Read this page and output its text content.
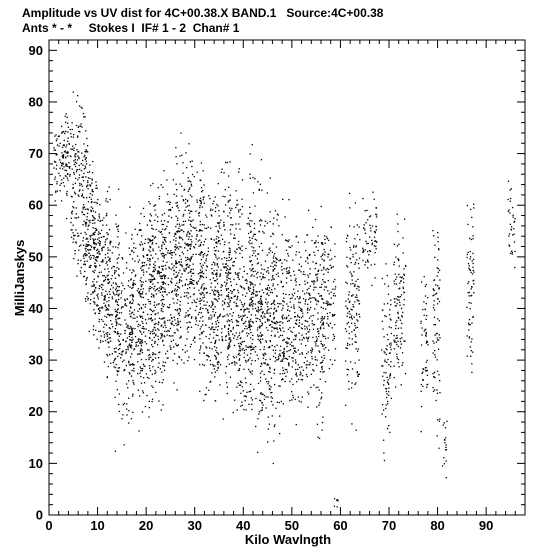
Amplitude vs UV dist for 4C+00.38.X BAND.1   Source:4C+00.38
Ants * - *     Stokes I  IF# 1 - 2  Chan# 1
0	10	20	30	40	50	60	70	80	90
0
10
20
30
40
50
60
70
80
90
Kilo Wavlngth
MilliJanskys
